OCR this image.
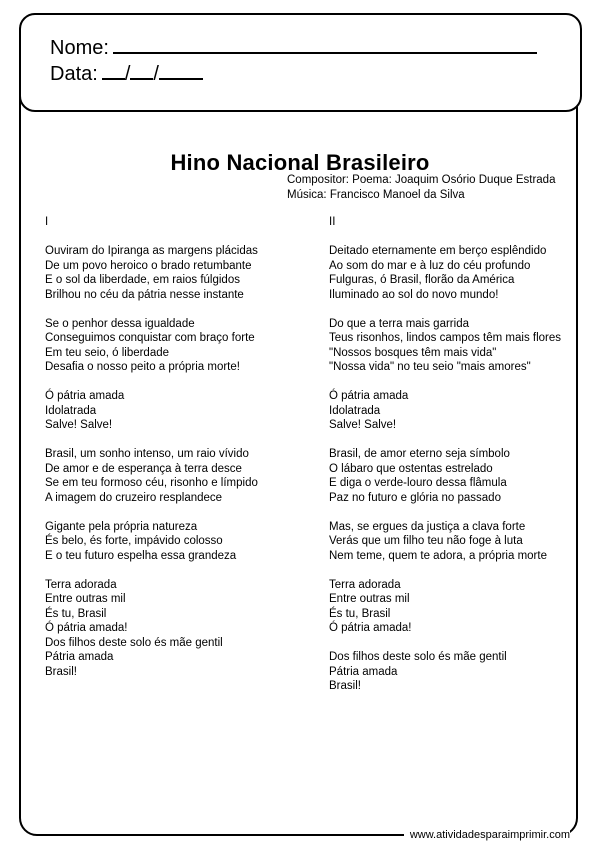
Nome:
Data: / /
Hino Nacional Brasileiro
Compositor: Poema: Joaquim Osório Duque Estrada
Música: Francisco Manoel da Silva
I
Ouviram do Ipiranga as margens plácidas
De um povo heroico o brado retumbante
E o sol da liberdade, em raios fúlgidos
Brilhou no céu da pátria nesse instante
Se o penhor dessa igualdade
Conseguimos conquistar com braço forte
Em teu seio, ó liberdade
Desafia o nosso peito a própria morte!
Ó pátria amada
Idolatrada
Salve! Salve!
Brasil, um sonho intenso, um raio vívido
De amor e de esperança à terra desce
Se em teu formoso céu, risonho e límpido
A imagem do cruzeiro resplandece
Gigante pela própria natureza
És belo, és forte, impávido colosso
E o teu futuro espelha essa grandeza
Terra adorada
Entre outras mil
És tu, Brasil
Ó pátria amada!
Dos filhos deste solo és mãe gentil
Pátria amada
Brasil!
II
Deitado eternamente em berço esplêndido
Ao som do mar e à luz do céu profundo
Fulguras, ó Brasil, florão da América
Iluminado ao sol do novo mundo!
Do que a terra mais garrida
Teus risonhos, lindos campos têm mais flores
"Nossos bosques têm mais vida"
"Nossa vida" no teu seio "mais amores"
Ó pátria amada
Idolatrada
Salve! Salve!
Brasil, de amor eterno seja símbolo
O lábaro que ostentas estrelado
E diga o verde-louro dessa flâmula
Paz no futuro e glória no passado
Mas, se ergues da justiça a clava forte
Verás que um filho teu não foge à luta
Nem teme, quem te adora, a própria morte
Terra adorada
Entre outras mil
És tu, Brasil
Ó pátria amada!
Dos filhos deste solo és mãe gentil
Pátria amada
Brasil!
www.atividadesparaimprimir.com
